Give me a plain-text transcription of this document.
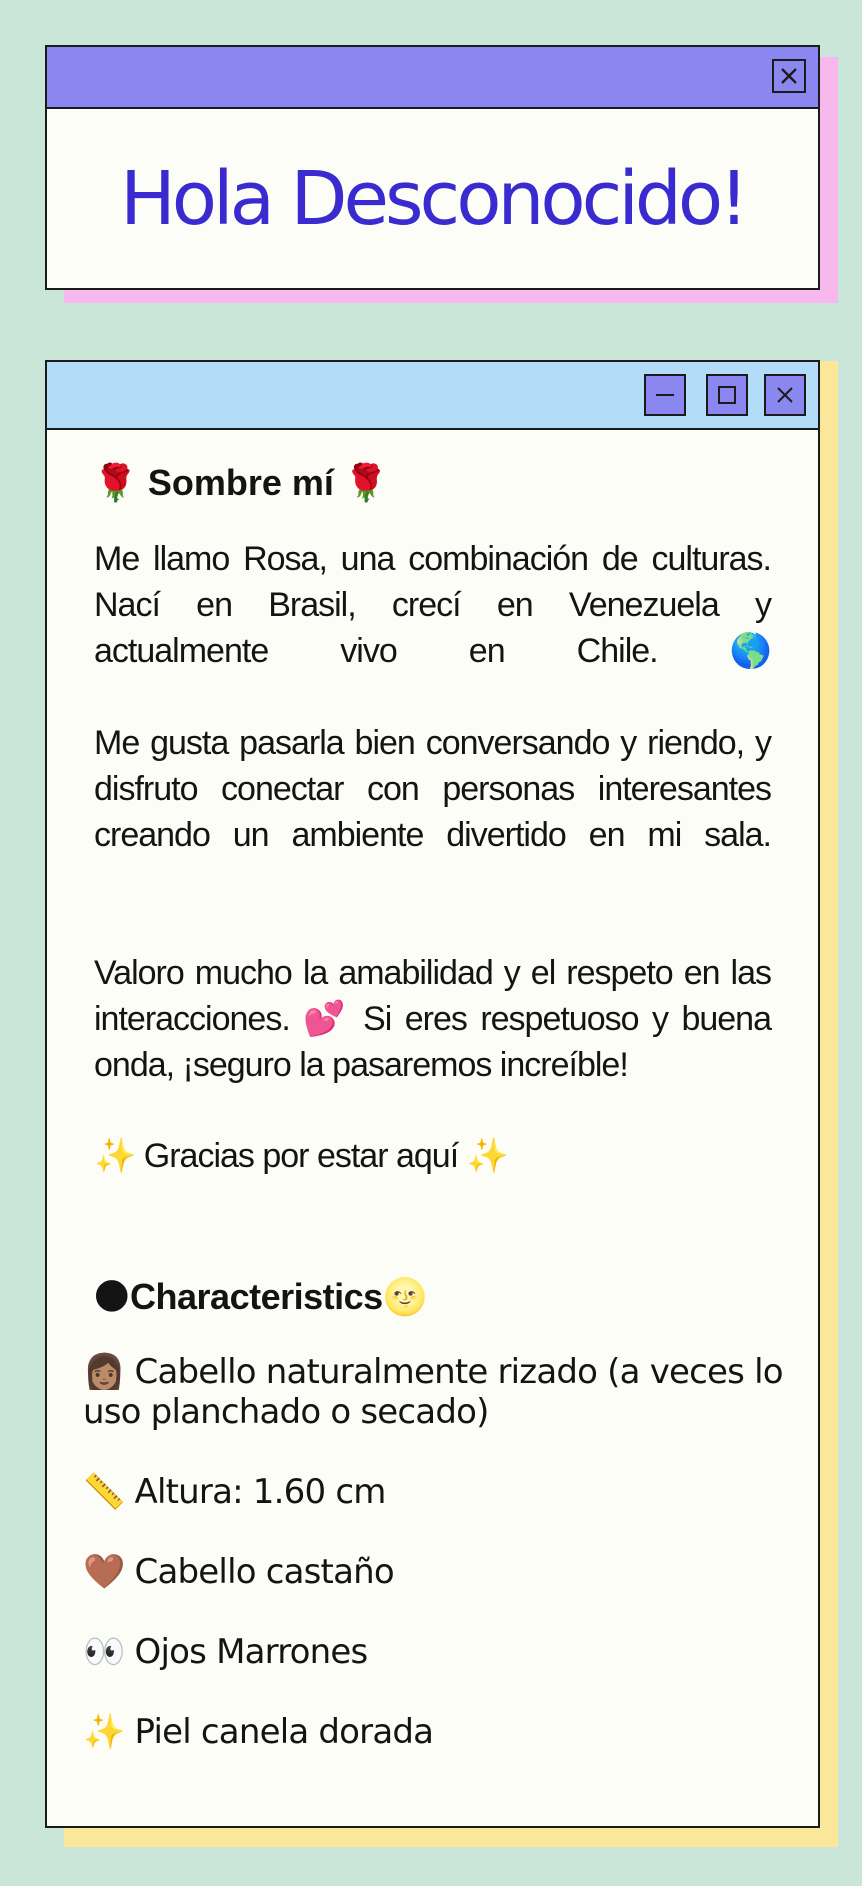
Hola Desconocido!
🌹 Sombre mí 🌹

Me llamo Rosa, una combinación de culturas. Nací en Brasil, crecí en Venezuela y actualmente vivo en Chile. 🌎

Me gusta pasarla bien conversando y riendo, y disfruto conectar con personas interesantes creando un ambiente divertido en mi sala.

Valoro mucho la amabilidad y el respeto en las interacciones. 💕 Si eres respetuoso y buena onda, ¡seguro la pasaremos increíble!

✨ Gracias por estar aquí ✨
🌑Characteristics🌝
👩🏽 Cabello naturalmente rizado (a veces lo uso planchado o secado)
📏 Altura: 1.60 cm
🤎 Cabello castaño
👀 Ojos Marrones
✨ Piel canela dorada
